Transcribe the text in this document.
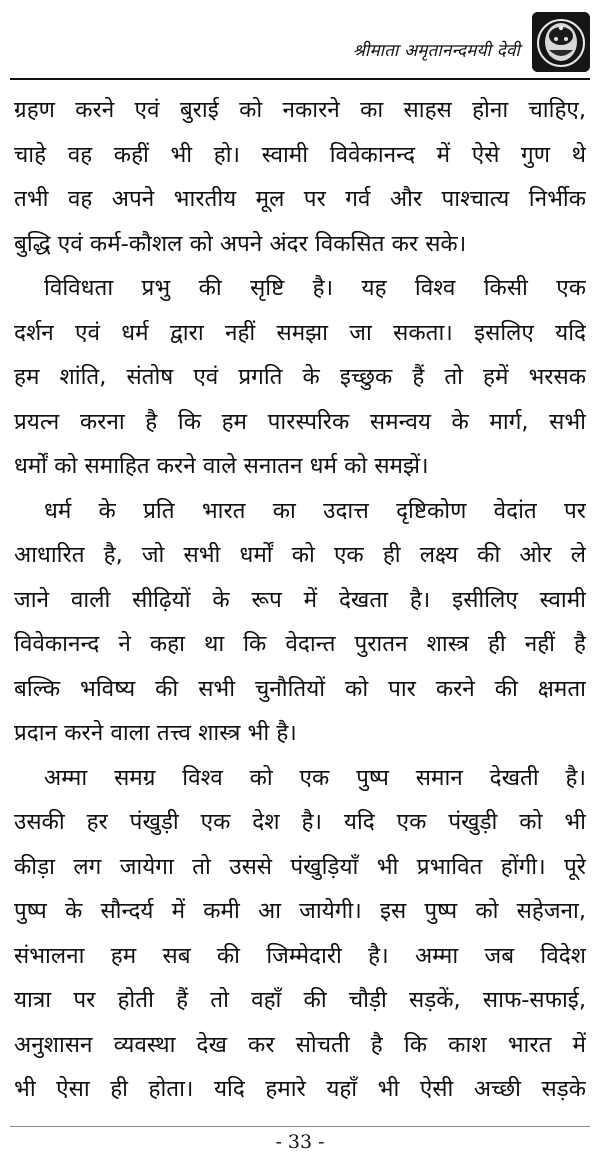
श्रीमाता अमृतानन्दमयी देवी
ग्रहण करने एवं बुराई को नकारने का साहस होना चाहिए,
चाहे वह कहीं भी हो। स्वामी विवेकानन्द में ऐसे गुण थे
तभी वह अपने भारतीय मूल पर गर्व और पाश्चात्य निर्भीक
बुद्धि एवं कर्म-कौशल को अपने अंदर विकसित कर सके।
विविधता प्रभु की सृष्टि है। यह विश्व किसी एक
दर्शन एवं धर्म द्वारा नहीं समझा जा सकता। इसलिए यदि
हम शांति, संतोष एवं प्रगति के इच्छुक हैं तो हमें भरसक
प्रयत्न करना है कि हम पारस्परिक समन्वय के मार्ग, सभी
धर्मों को समाहित करने वाले सनातन धर्म को समझें।
धर्म के प्रति भारत का उदात्त दृष्टिकोण वेदांत पर
आधारित है, जो सभी धर्मों को एक ही लक्ष्य की ओर ले
जाने वाली सीढ़ियों के रूप में देखता है। इसीलिए स्वामी
विवेकानन्द ने कहा था कि वेदान्त पुरातन शास्त्र ही नहीं है
बल्कि भविष्य की सभी चुनौतियों को पार करने की क्षमता
प्रदान करने वाला तत्त्व शास्त्र भी है।
अम्मा समग्र विश्व को एक पुष्प समान देखती है।
उसकी हर पंखुड़ी एक देश है। यदि एक पंखुड़ी को भी
कीड़ा लग जायेगा तो उससे पंखुड़ियाँ भी प्रभावित होंगी। पूरे
पुष्प के सौन्दर्य में कमी आ जायेगी। इस पुष्प को सहेजना,
संभालना हम सब की जिम्मेदारी है। अम्मा जब विदेश
यात्रा पर होती हैं तो वहाँ की चौड़ी सड़कें, साफ-सफाई,
अनुशासन व्यवस्था देख कर सोचती है कि काश भारत में
भी ऐसा ही होता। यदि हमारे यहाँ भी ऐसी अच्छी सड़के
- 33 -
